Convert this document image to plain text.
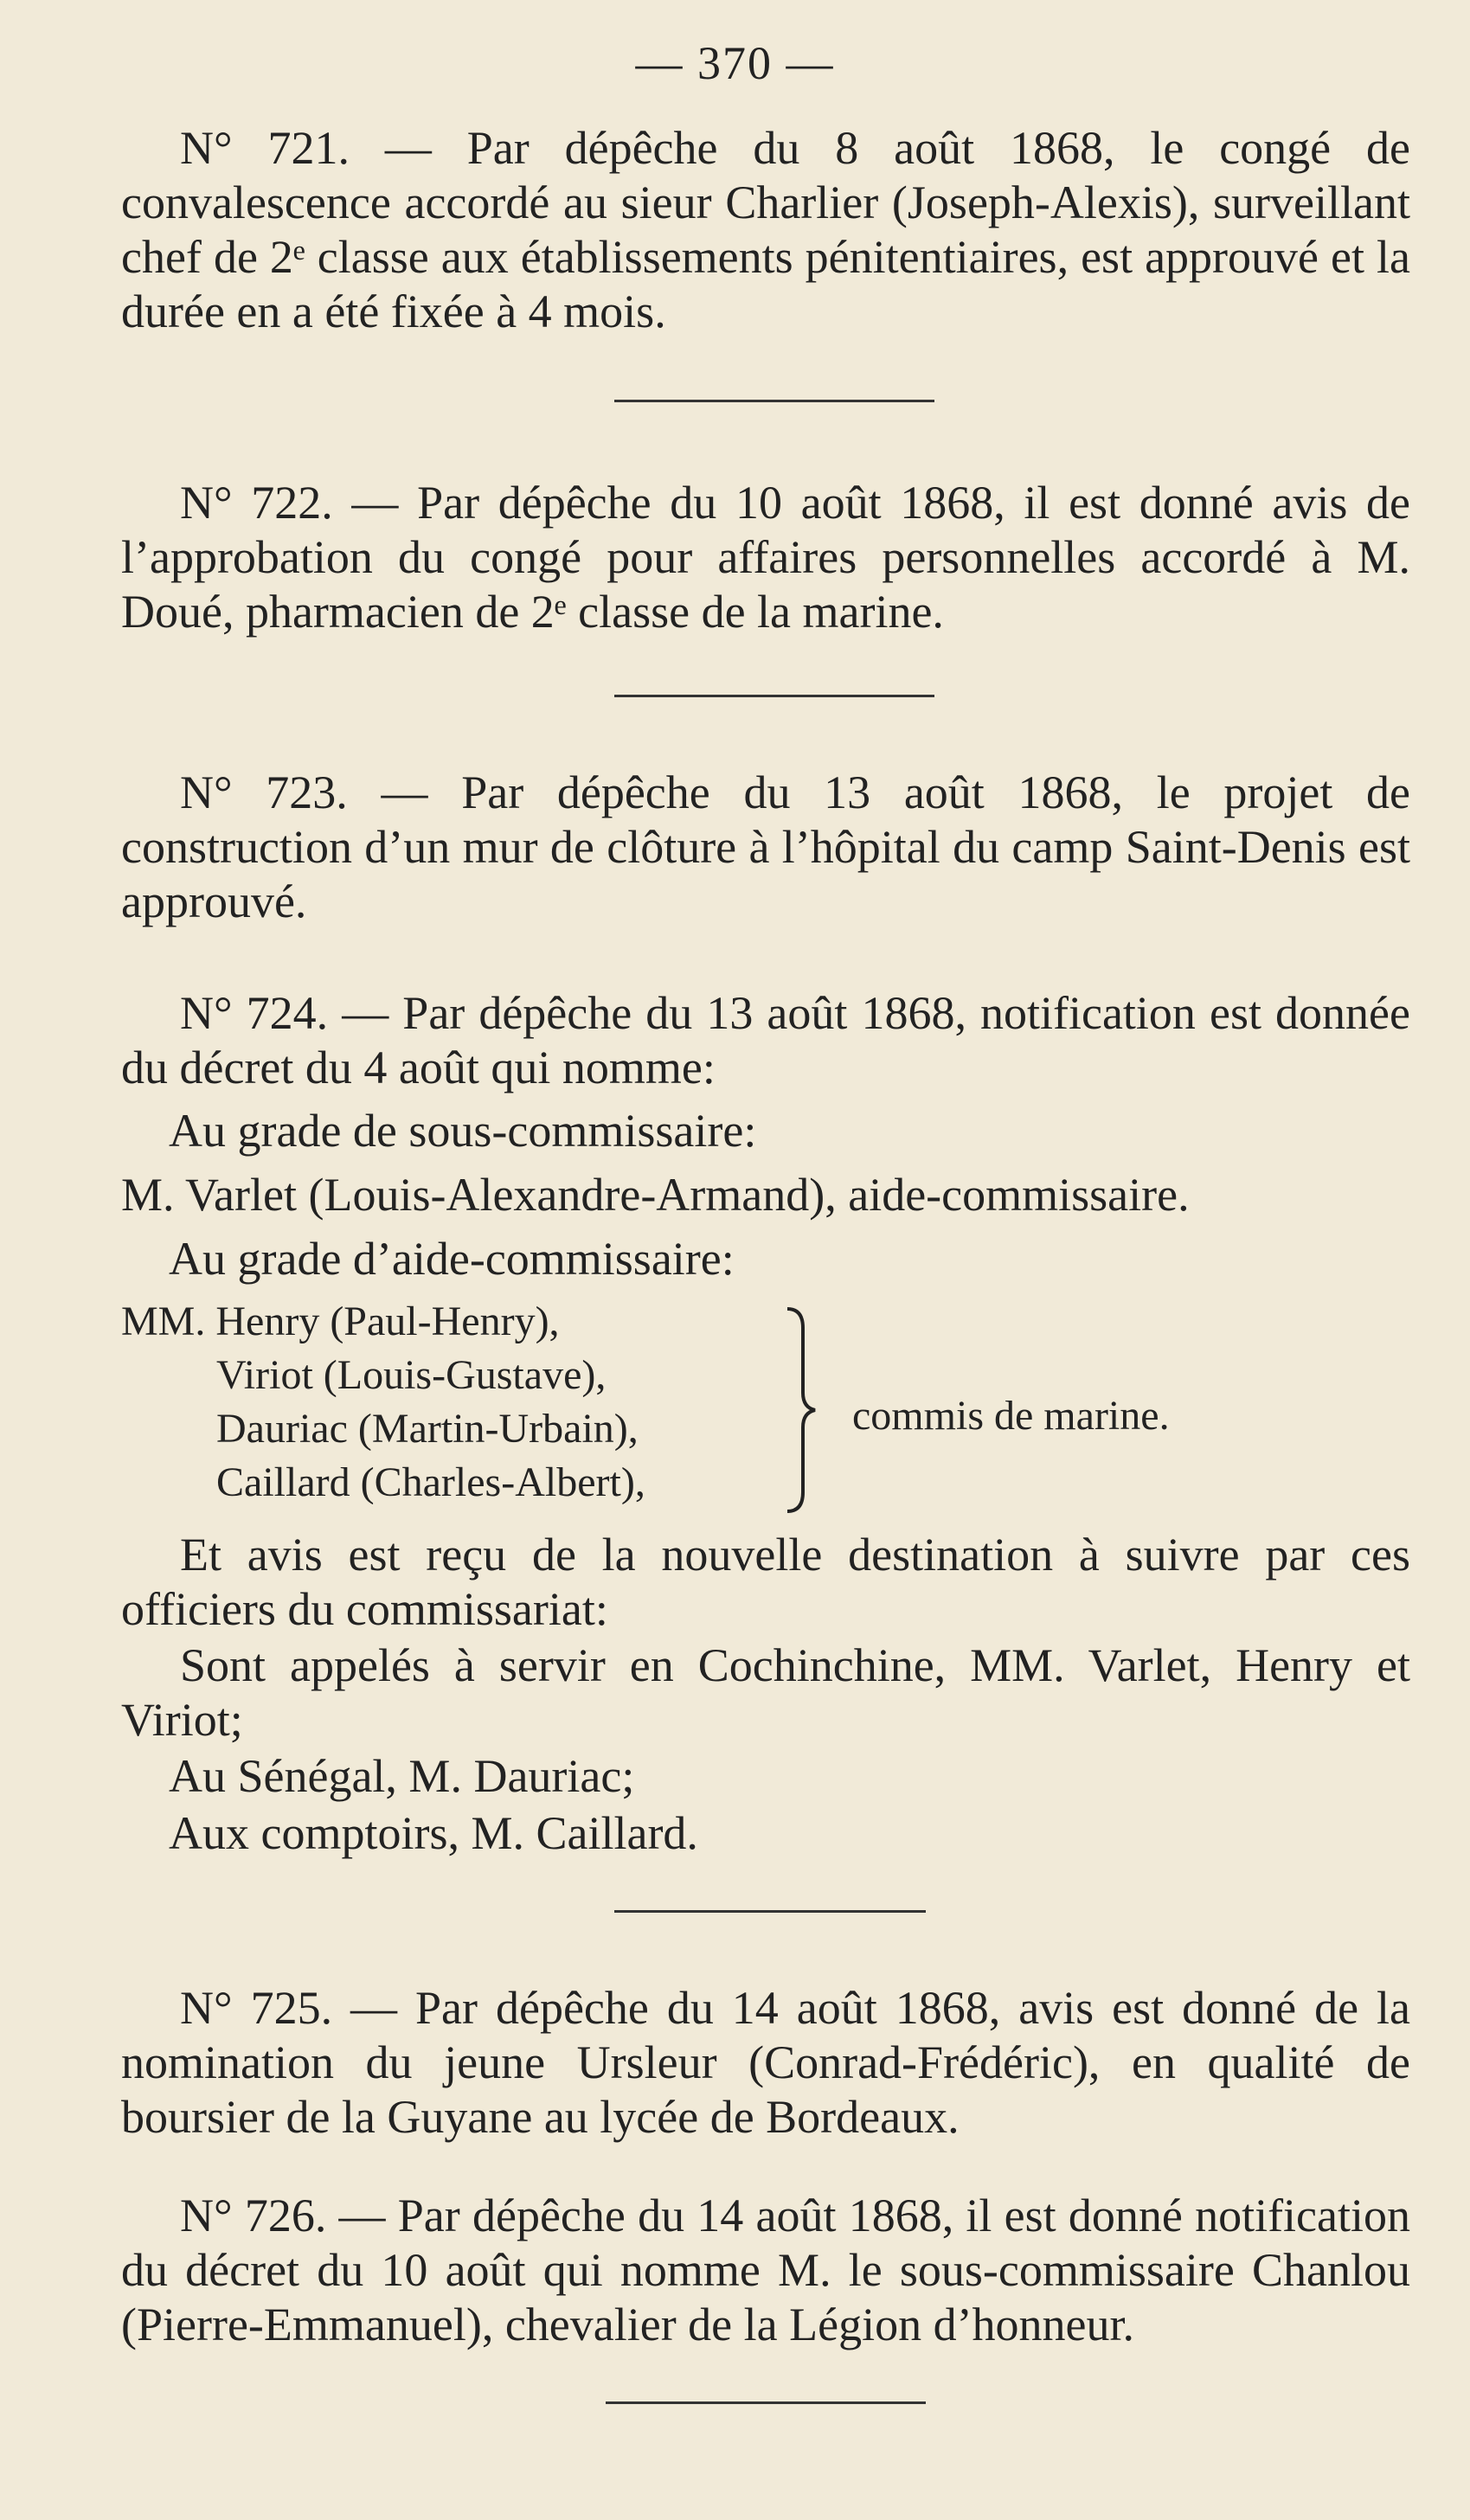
— 370 —
N° 721. — Par dépêche du 8 août 1868, le congé de convalescence accordé au sieur Charlier (Joseph-Alexis), surveillant chef de 2ᵉ classe aux établissements pénitentiaires, est approuvé et la durée en a été fixée à 4 mois.
N° 722. — Par dépêche du 10 août 1868, il est donné avis de l’approbation du congé pour affaires personnelles accordé à M. Doué, pharmacien de 2ᵉ classe de la marine.
N° 723. — Par dépêche du 13 août 1868, le projet de construction d’un mur de clôture à l’hôpital du camp Saint-Denis est approuvé.
N° 724. — Par dépêche du 13 août 1868, notification est donnée du décret du 4 août qui nomme:
Au grade de sous-commissaire:
M. Varlet (Louis-Alexandre-Armand), aide-commissaire.
Au grade d’aide-commissaire:
MM. Henry (Paul-Henry),
Viriot (Louis-Gustave),
Dauriac (Martin-Urbain),
Caillard (Charles-Albert),
commis de marine.
Et avis est reçu de la nouvelle destination à suivre par ces officiers du commissariat:
Sont appelés à servir en Cochinchine, MM. Varlet, Henry et Viriot;
Au Sénégal, M. Dauriac;
Aux comptoirs, M. Caillard.
N° 725. — Par dépêche du 14 août 1868, avis est donné de la nomination du jeune Ursleur (Conrad-Frédéric), en qualité de boursier de la Guyane au lycée de Bordeaux.
N° 726. — Par dépêche du 14 août 1868, il est donné notification du décret du 10 août qui nomme M. le sous-commissaire Chanlou (Pierre-Emmanuel), chevalier de la Légion d’honneur.
